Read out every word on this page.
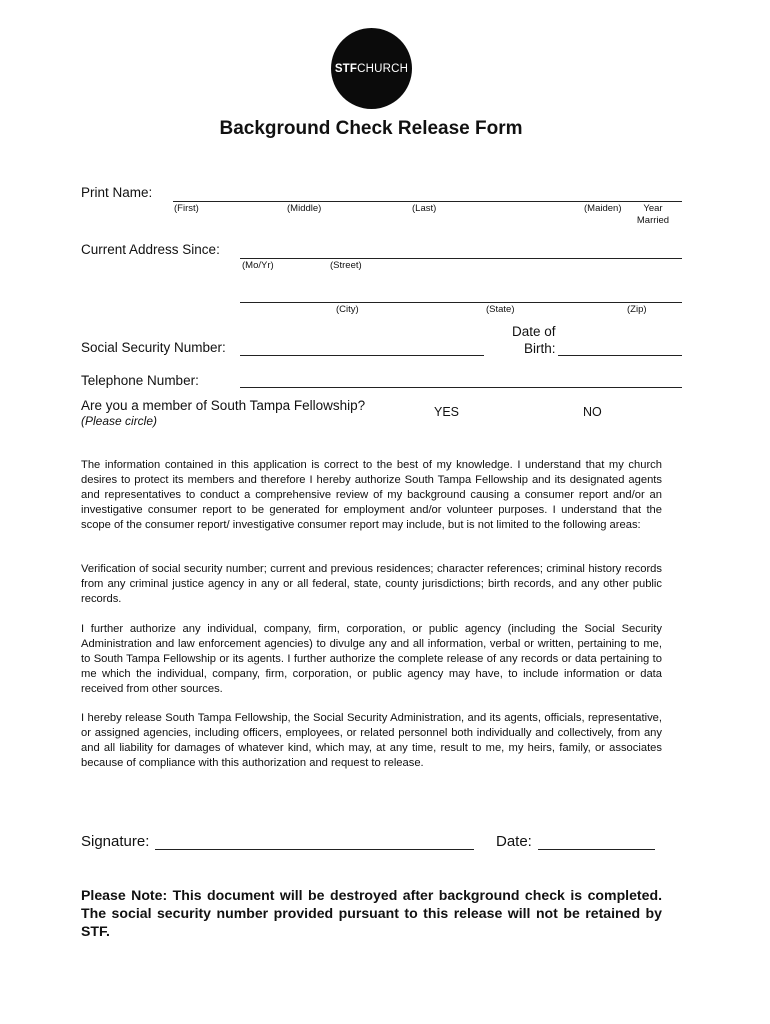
STF CHURCH
Background Check Release Form
Print Name:
(First)	(Middle)	(Last)	(Maiden)	Year
Married
Current Address Since:
(Mo/Yr)	(Street)
(City)	(State)	(Zip)
Social Security Number:
Date of
Birth:
Telephone Number:
Are you a member of South Tampa Fellowship?
(Please circle)
YES	NO
The information contained in this application is correct to the best of my knowledge. I understand that my church desires to protect its members and therefore I hereby authorize South Tampa Fellowship and its designated agents and representatives to conduct a comprehensive review of my background causing a consumer report and/or an investigative consumer report to be generated for employment and/or volunteer purposes. I understand that the scope of the consumer report/ investigative consumer report may include, but is not limited to the following areas:
Verification of social security number; current and previous residences; character references; criminal history records from any criminal justice agency in any or all federal, state, county jurisdictions; birth records, and any other public records.
I further authorize any individual, company, firm, corporation, or public agency (including the Social Security Administration and law enforcement agencies) to divulge any and all information, verbal or written, pertaining to me, to South Tampa Fellowship or its agents. I further authorize the complete release of any records or data pertaining to me which the individual, company, firm, corporation, or public agency may have, to include information or data received from other sources.
I hereby release South Tampa Fellowship, the Social Security Administration, and its agents, officials, representative, or assigned agencies, including officers, employees, or related personnel both individually and collectively, from any and all liability for damages of whatever kind, which may, at any time, result to me, my heirs, family, or associates because of compliance with this authorization and request to release.
Signature:	Date:
Please Note: This document will be destroyed after background check is completed. The social security number provided pursuant to this release will not be retained by STF.
